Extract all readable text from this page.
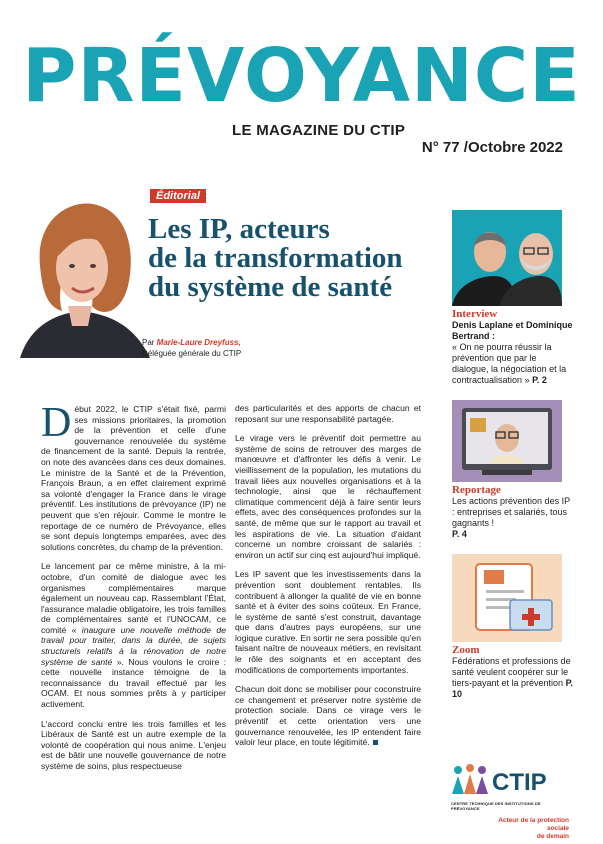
PRÉVOYANCE
LE MAGAZINE DU CTIP
N° 77 /Octobre 2022
Éditorial
Les IP, acteurs
de la transformation
du système de santé
Par Marie-Laure Dreyfuss,
Déléguée générale du CTIP

Début 2022, le CTIP s'était fixé, parmi ses missions prioritaires, la promotion de la prévention et celle d'une gouvernance renouvelée du système de financement de la santé. Depuis la rentrée, on note des avancées dans ces deux domaines. Le ministre de la Santé et de la Prévention, François Braun, a en effet clairement exprimé sa volonté d'engager la France dans le virage préventif. Les institutions de prévoyance (IP) ne peuvent que s'en réjouir. Comme le montre le reportage de ce numéro de Prévoyance, elles se sont depuis longtemps emparées, avec des solutions concrètes, du champ de la prévention.

Le lancement par ce même ministre, à la mi-octobre, d'un comité de dialogue avec les organismes complémentaires marque également un nouveau cap. Rassemblant l'État, l'assurance maladie obligatoire, les trois familles de complémentaires santé et l'UNOCAM, ce comité « inaugure une nouvelle méthode de travail pour traiter, dans la durée, de sujets structurels relatifs à la rénovation de notre système de santé ». Nous voulons le croire : cette nouvelle instance témoigne de la reconnaissance du travail effectué par les OCAM. Et nous sommes prêts à y participer activement.

L'accord conclu entre les trois familles et les Libéraux de Santé est un autre exemple de la volonté de coopération qui nous anime. L'enjeu est de bâtir une nouvelle gouvernance de notre système de soins, plus respectueuse

des particularités et des apports de chacun et reposant sur une responsabilité partagée.

Le virage vers le préventif doit permettre au système de soins de retrouver des marges de manœuvre et d'affronter les défis à venir. Le vieillissement de la population, les mutations du travail liées aux nouvelles organisations et à la technologie, ainsi que le réchauffement climatique commencent déjà à faire sentir leurs effets, avec des conséquences profondes sur la santé, de même que sur le rapport au travail et les aspirations de vie. La situation d'aidant concerne un nombre croissant de salariés : environ un actif sur cinq est aujourd'hui impliqué.

Les IP savent que les investissements dans la prévention sont doublement rentables. Ils contribuent à allonger la qualité de vie en bonne santé et à éviter des soins coûteux. En France, le système de santé s'est construit, davantage que dans d'autres pays européens, sur une logique curative. En sortir ne sera possible qu'en faisant naître de nouveaux métiers, en revisitant le rôle des soignants et en acceptant des modifications de comportements importantes.

Chacun doit donc se mobiliser pour coconstruire ce changement et préserver notre système de protection sociale. Dans ce virage vers le préventif et cette orientation vers une gouvernance renouvelée, les IP entendent faire valoir leur place, en toute légitimité.

Interview
Denis Laplane et Dominique Bertrand :
« On ne pourra réussir la prévention que par le dialogue, la négociation et la contractualisation » P. 2
Reportage
Les actions prévention des IP : entreprises et salariés, tous gagnants !
P. 4
Zoom
Fédérations et professions de santé veulent coopérer sur le tiers-payant et la prévention P. 10
CTIP
CENTRE TECHNIQUE DES INSTITUTIONS DE PRÉVOYANCE
Acteur de la protection sociale
de demain
